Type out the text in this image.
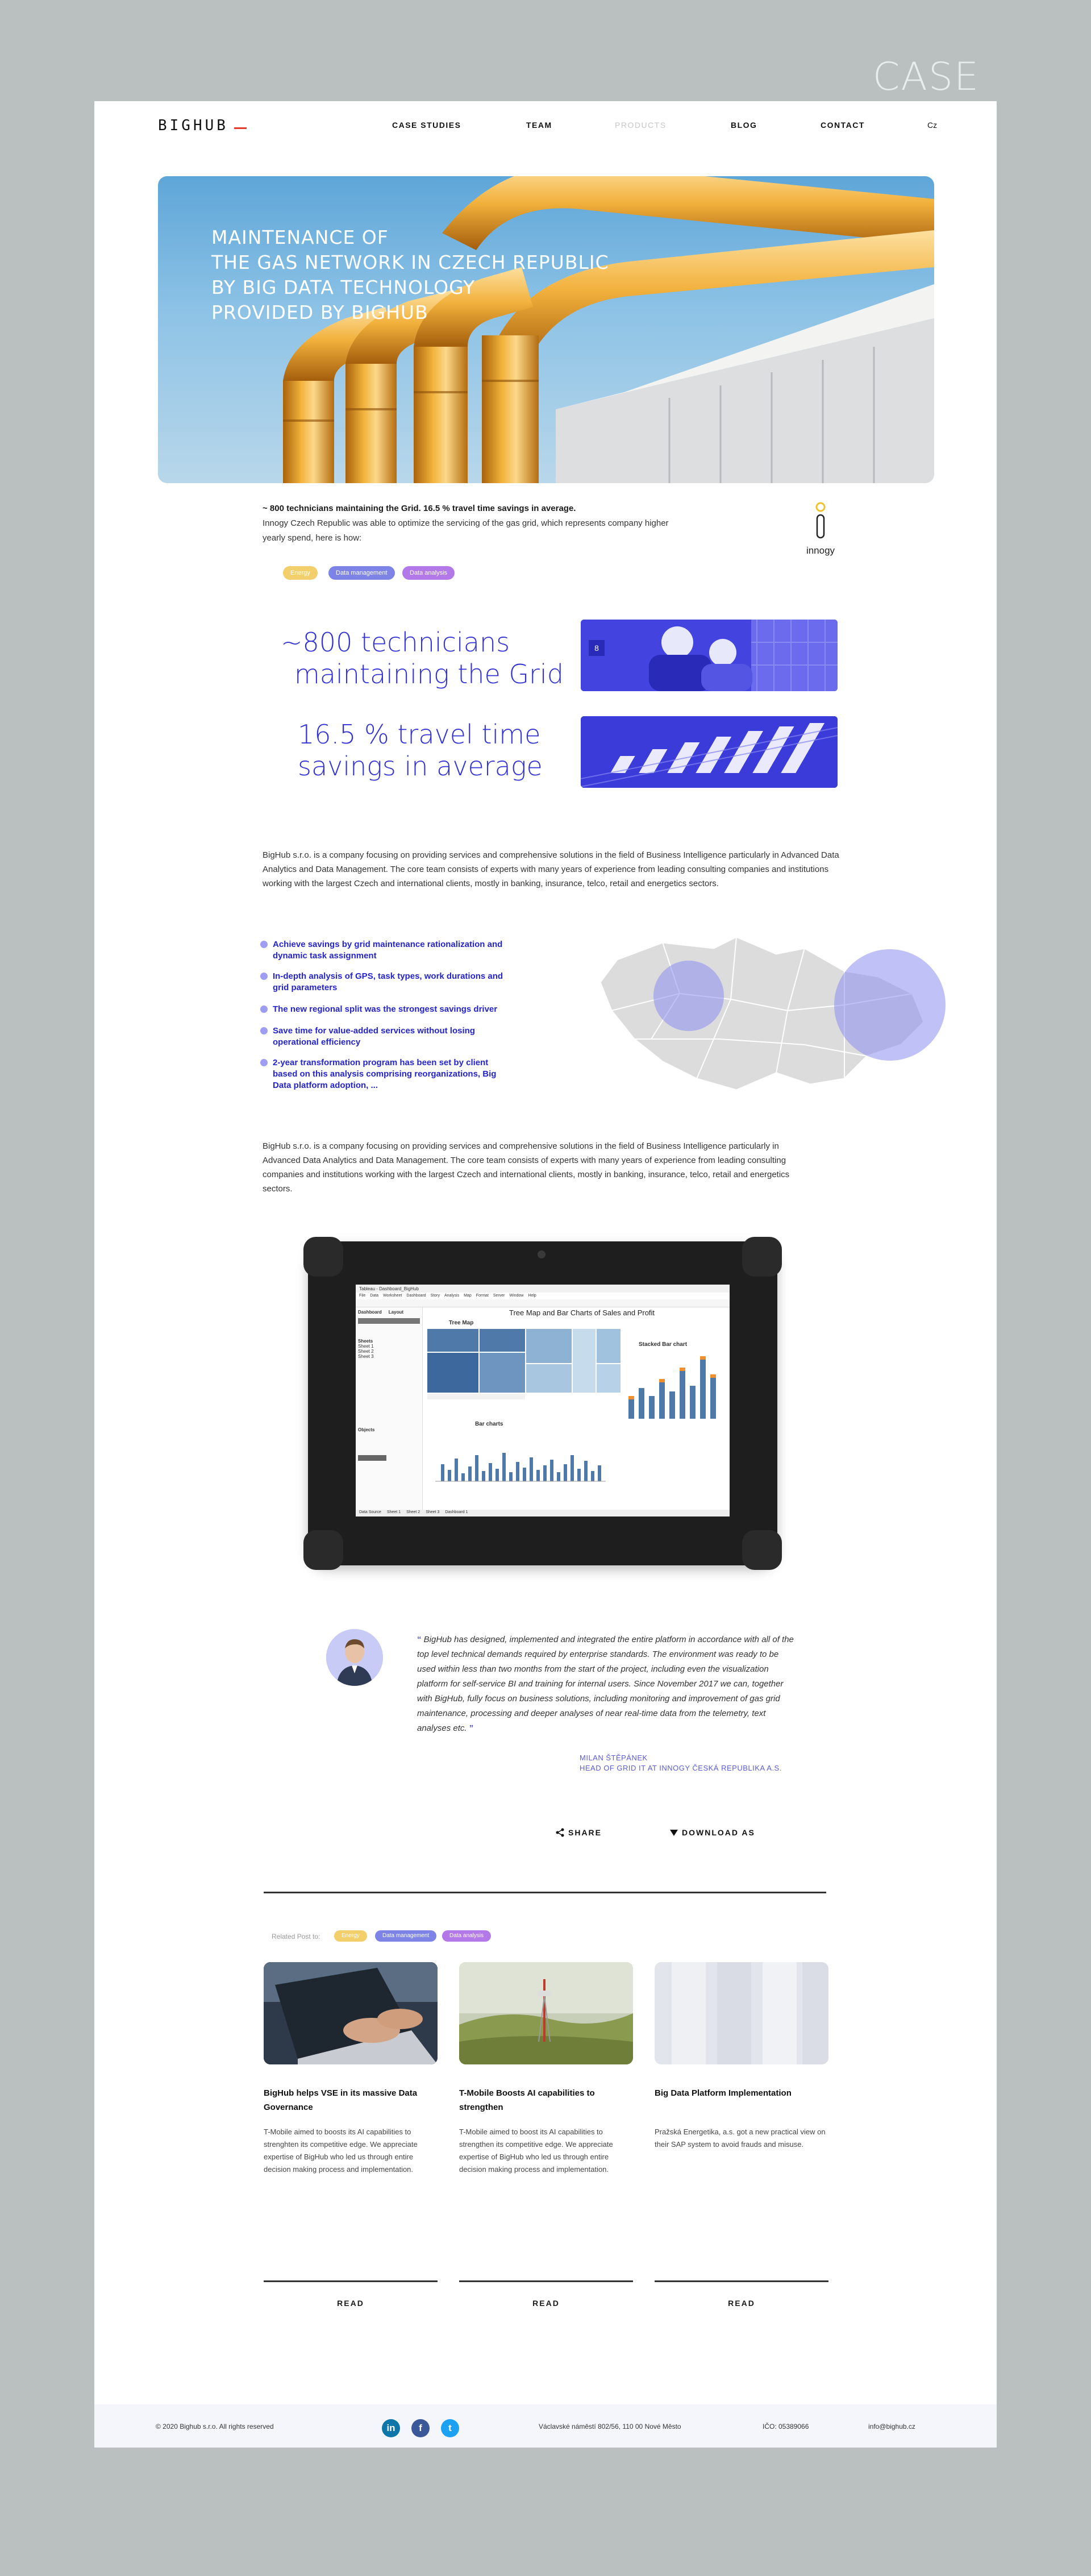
CASE
BIGHUB	CASE STUDIES	TEAM	PRODUCTS	BLOG	CONTACT	Cz
MAINTENANCE OF
THE GAS NETWORK IN CZECH REPUBLIC
BY BIG DATA TECHNOLOGY
PROVIDED BY BIGHUB
~ 800 technicians maintaining the Grid. 16.5 % travel time savings in average.
Innogy Czech Republic was able to optimize the servicing of the gas grid, which represents company higher yearly spend, here is how:
innogy
Energy	Data management	Data analysis
~800 technicians
maintaining the Grid
8
16.5 % travel time
savings in average
BigHub s.r.o. is a company focusing on providing services and comprehensive solutions in the field of Business Intelligence particularly in Advanced Data Analytics and Data Management. The core team consists of experts with many years of experience from leading consulting companies and institutions working with the largest Czech and international clients, mostly in banking, insurance, telco, retail and energetics sectors.
Achieve savings by grid maintenance rationalization and dynamic task assignment
In-depth analysis of GPS, task types, work durations and grid parameters
The new regional split was the strongest savings driver
Save time for value-added services without losing operational efficiency
2-year transformation program has been set by client based on this analysis comprising reorganizations, Big Data platform adoption, ...
BigHub s.r.o. is a company focusing on providing services and comprehensive solutions in the field of Business Intelligence particularly in Advanced Data Analytics and Data Management. The core team consists of experts with many years of experience from leading consulting companies and institutions working with the largest Czech and international clients, mostly in banking, insurance, telco, retail and energetics sectors.
Tableau - Dashboard_BigHub
File Data Worksheet Dashboard Story Analysis Map Format Server Window Help
Dashboard Layout
Sheets
Sheet 1
Sheet 2
Sheet 3
Objects
Tree Map and Bar Charts of Sales and Profit
Tree Map
Stacked Bar chart
Bar charts
Data Source Sheet 1 Sheet 2 Sheet 3 Dashboard 1
“ BigHub has designed, implemented and integrated the entire platform in accordance with all of the top level technical demands required by enterprise standards. The environment was ready to be used within less than two months from the start of the project, including even the visualization platform for self-service BI and training for internal users. Since November 2017 we can, together with BigHub, fully focus on business solutions, including monitoring and improvement of gas grid maintenance, processing and deeper analyses of near real-time data from the telemetry, text analyses etc. ”
MILAN ŠTĚPÁNEK
HEAD OF GRID IT AT INNOGY ČESKÁ REPUBLIKA A.S.
SHARE	DOWNLOAD AS
Related Post to:	Energy	Data management	Data analysis
BigHub helps VSE in its massive Data Governance
T-Mobile aimed to boosts its AI capabilities to strenghten its competitive edge. We appreciate expertise of BigHub who led us through entire decision making process and implementation.
READ
T-Mobile Boosts AI capabilities to strengthen
T-Mobile aimed to boost its AI capabilities to strengthen its competitive edge. We appreciate expertise of BigHub who led us through entire decision making process and implementation.
READ
Big Data Platform Implementation
Pražská Energetika, a.s. got a new practical view on their SAP system to avoid frauds and misuse.
READ
© 2020 Bighub s.r.o. All rights reserved	in	f	t	Václavské náměstí 802/56, 110 00 Nové Město	IČO: 05389066	info@bighub.cz
